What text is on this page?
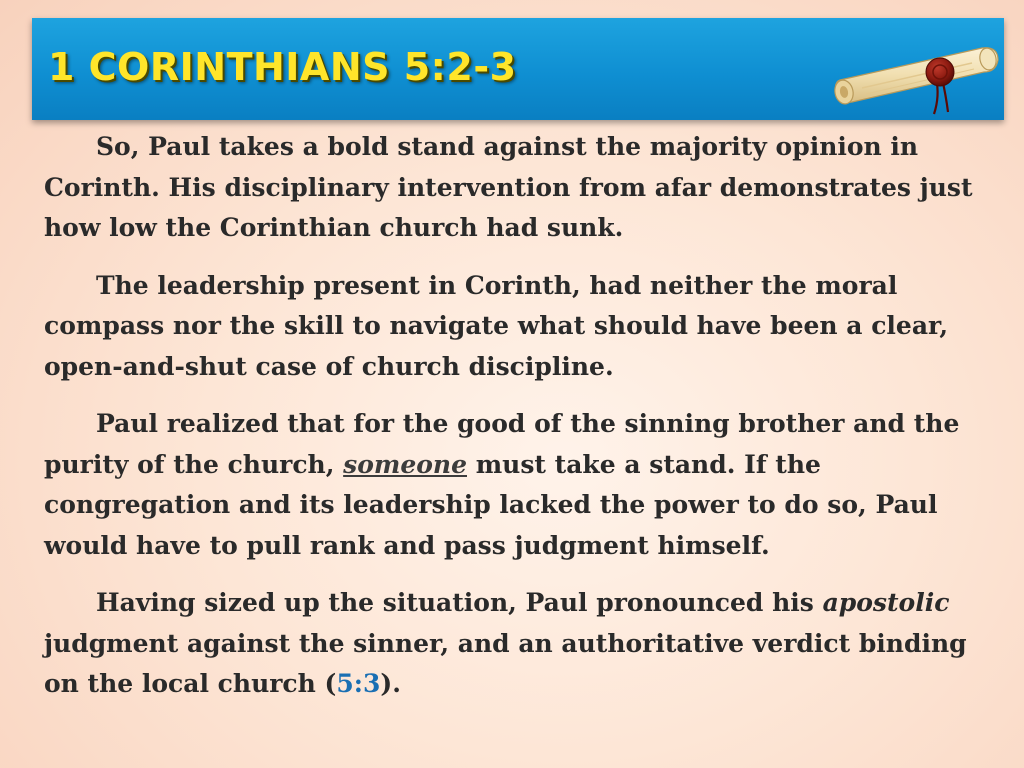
1 CORINTHIANS 5:2-3

So, Paul takes a bold stand against the majority opinion in Corinth. His disciplinary intervention from afar demonstrates just how low the Corinthian church had sunk.

The leadership present in Corinth, had neither the moral compass nor the skill to navigate what should have been a clear, open-and-shut case of church discipline.

Paul realized that for the good of the sinning brother and the purity of the church, someone must take a stand. If the congregation and its leadership lacked the power to do so, Paul would have to pull rank and pass judgment himself.

Having sized up the situation, Paul pronounced his apostolic judgment against the sinner, and an authoritative verdict binding on the local church (5:3).
